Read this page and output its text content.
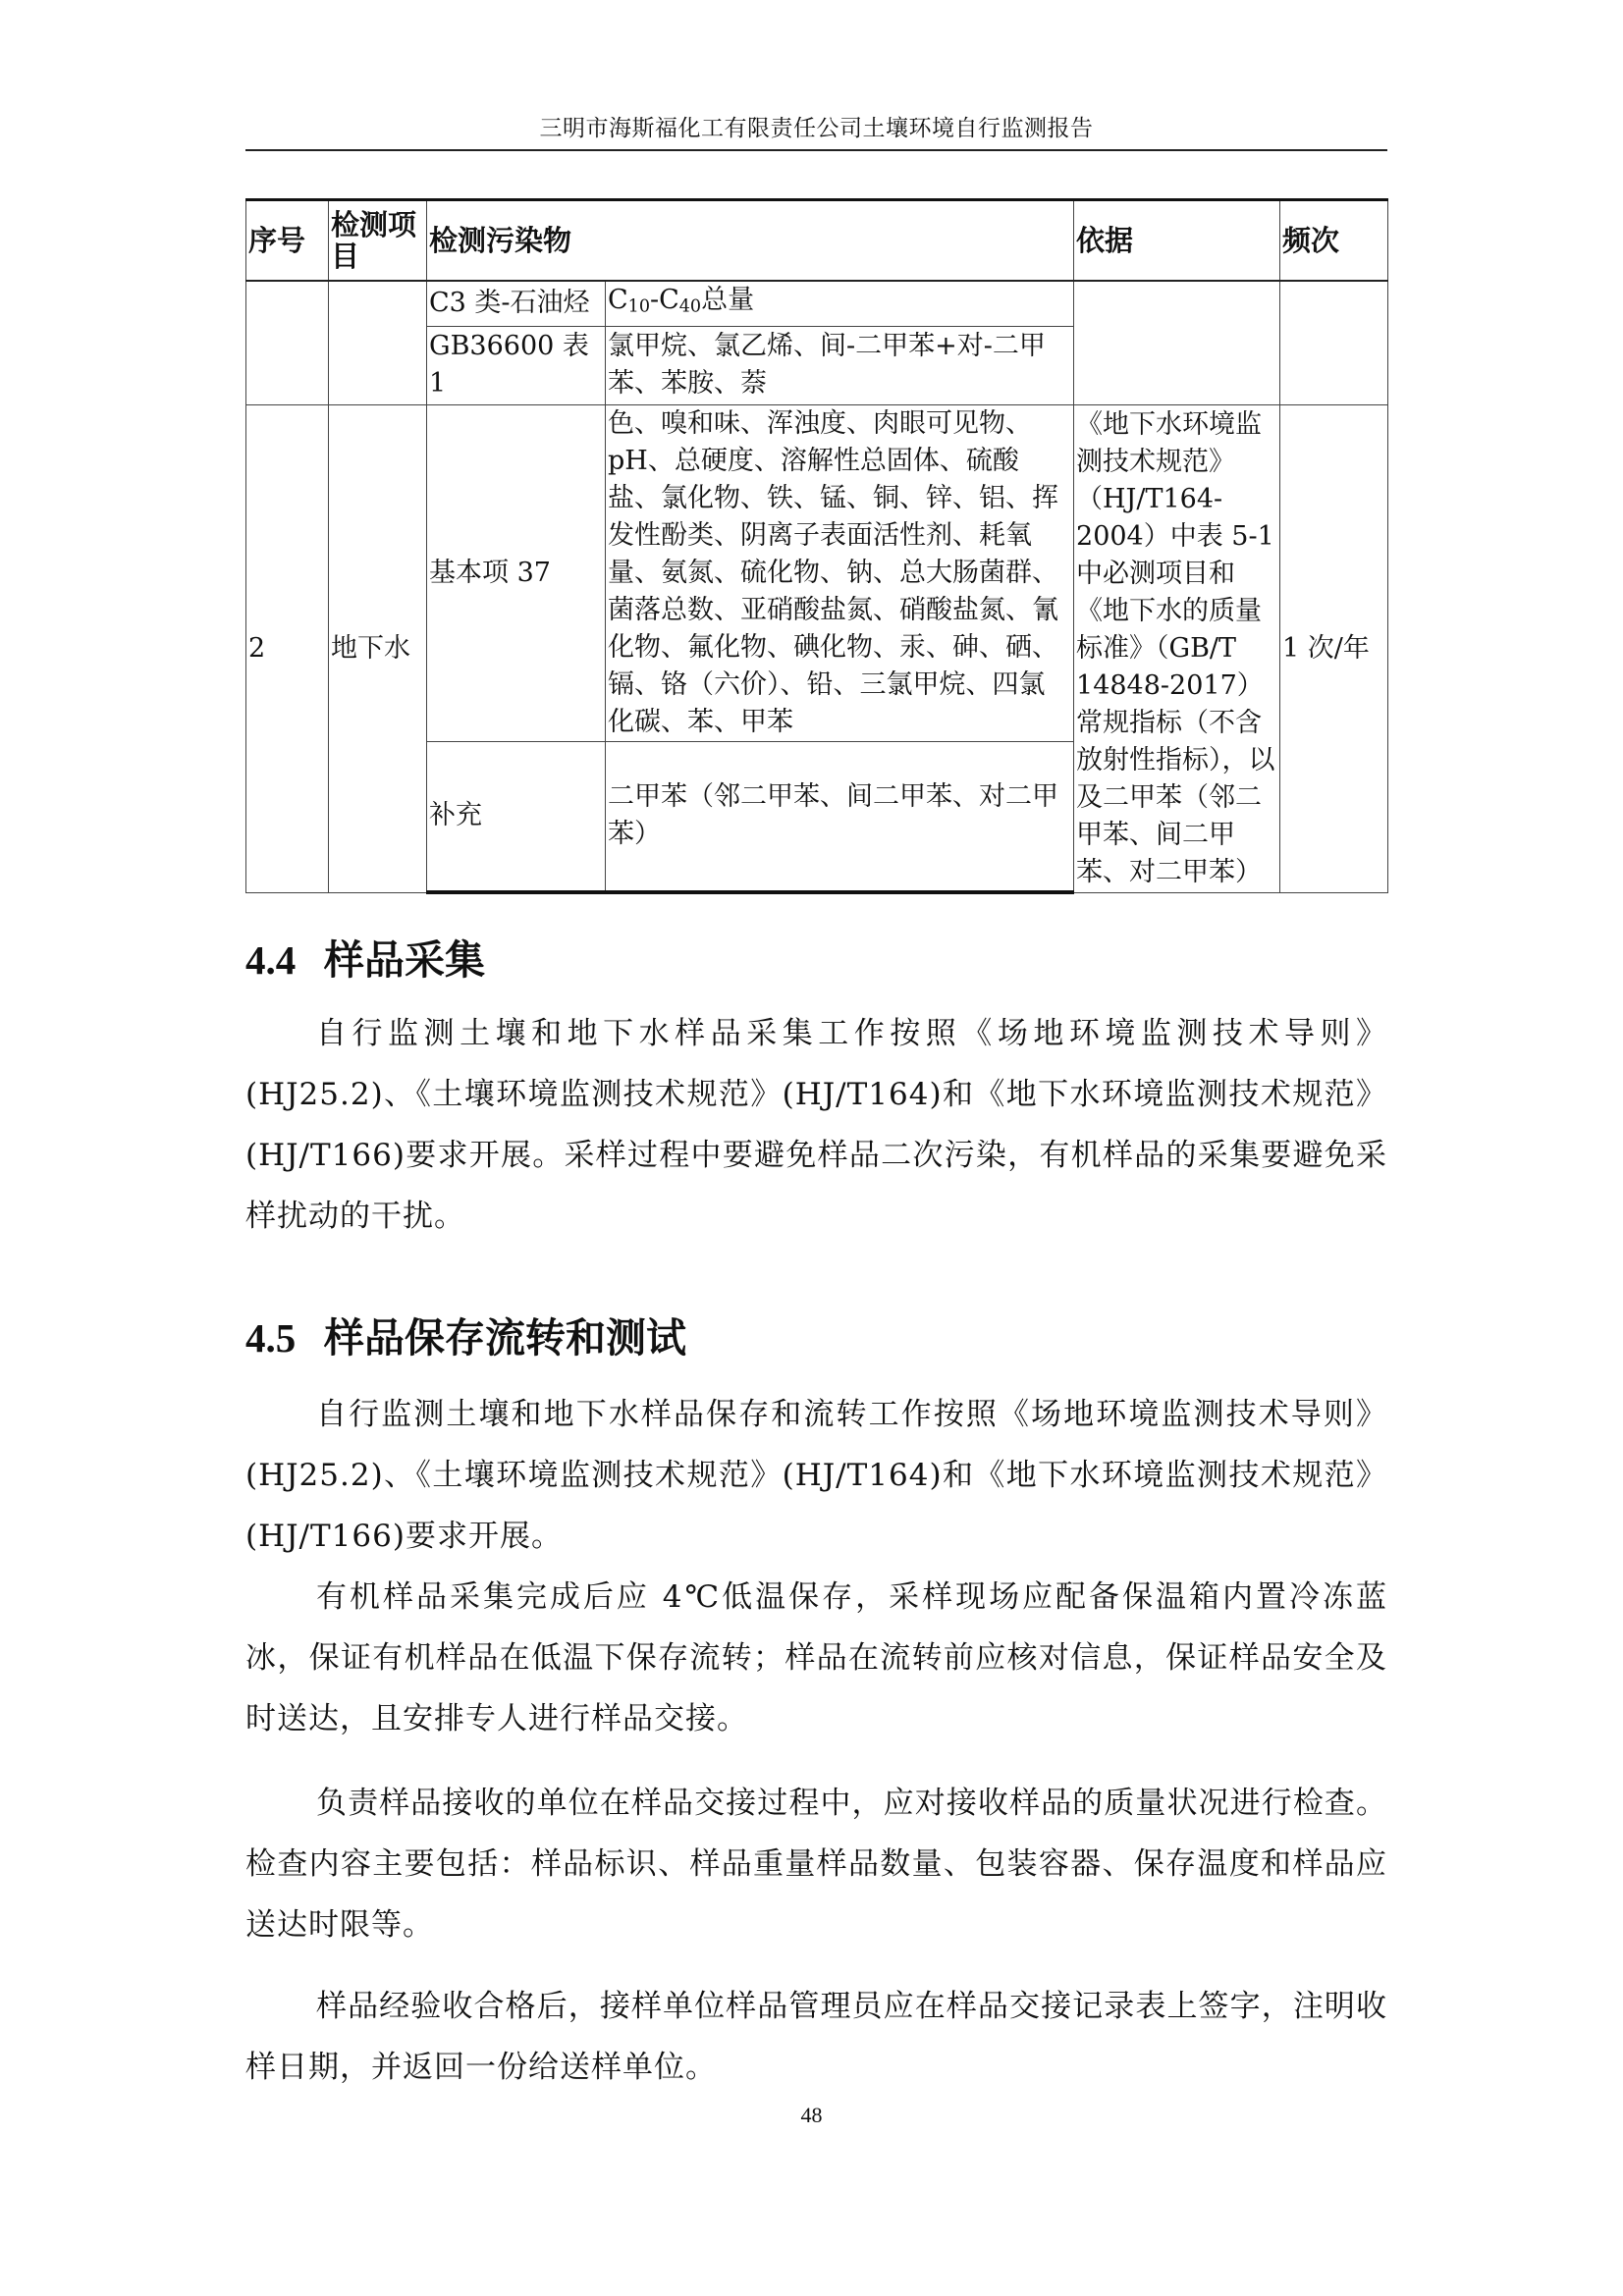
三明市海斯福化工有限责任公司土壤环境自行监测报告
序号	检测项目	检测污染物		依据	频次
		C3 类-石油烃	$C_{10}-C_{40}$总量		
		GB36600 表 1	氯甲烷、氯乙烯、间-二甲苯+对-二甲苯、苯胺、萘		
2	地下水	基本项 37	色、嗅和味、浑浊度、肉眼可见物、pH、总硬度、溶解性总固体、硫酸盐、氯化物、铁、锰、铜、锌、铝、挥发性酚类、阴离子表面活性剂、耗氧量、氨氮、硫化物、钠、总大肠菌群、菌落总数、亚硝酸盐氮、硝酸盐氮、氰化物、氟化物、碘化物、汞、砷、硒、镉、铬（六价）、铅、三氯甲烷、四氯化碳、苯、甲苯	《地下水环境监测技术规范》（HJ/T164-2004）中表 5-1 中必测项目和《地下水的质量标准》（GB/T 14848-2017）常规指标（不含放射性指标），以及二甲苯（邻二甲苯、间二甲苯、对二甲苯）	1 次/年
		补充	二甲苯（邻二甲苯、间二甲苯、对二甲苯）		
4.4 样品采集

自行监测土壤和地下水样品采集工作按照《场地环境监测技术导则》(HJ25.2)、《土壤环境监测技术规范》(HJ/T164)和《地下水环境监测技术规范》(HJ/T166)要求开展。采样过程中要避免样品二次污染，有机样品的采集要避免采样扰动的干扰。

4.5 样品保存流转和测试

自行监测土壤和地下水样品保存和流转工作按照《场地环境监测技术导则》(HJ25.2)、《土壤环境监测技术规范》(HJ/T164)和《地下水环境监测技术规范》(HJ/T166)要求开展。

有机样品采集完成后应 4℃低温保存，采样现场应配备保温箱内置冷冻蓝冰，保证有机样品在低温下保存流转；样品在流转前应核对信息，保证样品安全及时送达，且安排专人进行样品交接。

负责样品接收的单位在样品交接过程中，应对接收样品的质量状况进行检查。检查内容主要包括：样品标识、样品重量样品数量、包装容器、保存温度和样品应送达时限等。

样品经验收合格后，接样单位样品管理员应在样品交接记录表上签字，注明收样日期，并返回一份给送样单位。

48
